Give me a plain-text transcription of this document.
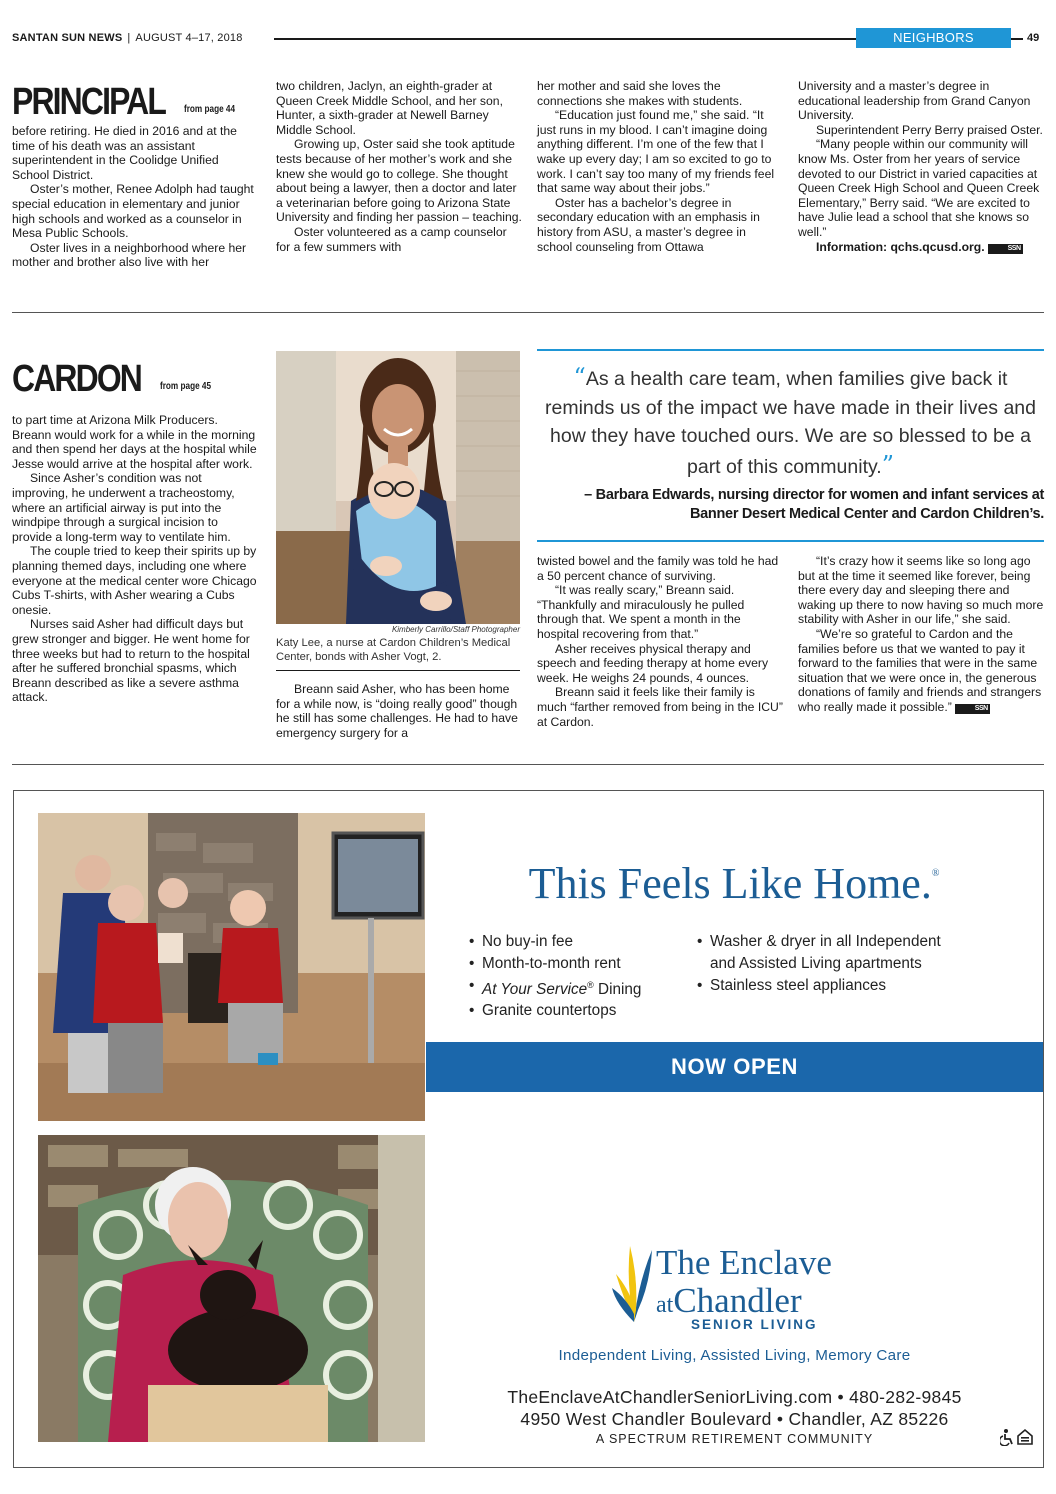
SANTAN SUN NEWS | AUGUST 4–17, 2018	NEIGHBORS	49
PRINCIPAL from page 44

before retiring. He died in 2016 and at the time of his death was an assistant superintendent in the Coolidge Unified School District.

Oster’s mother, Renee Adolph had taught special education in elementary and junior high schools and worked as a counselor in Mesa Public Schools.

Oster lives in a neighborhood where her mother and brother also live with her

two children, Jaclyn, an eighth-grader at Queen Creek Middle School, and her son, Hunter, a sixth-grader at Newell Barney Middle School.

Growing up, Oster said she took aptitude tests because of her mother’s work and she knew she would go to college. She thought about being a lawyer, then a doctor and later a veterinarian before going to Arizona State University and finding her passion – teaching.

Oster volunteered as a camp counselor for a few summers with

her mother and said she loves the connections she makes with students.

“Education just found me,” she said. “It just runs in my blood. I can’t imagine doing anything different. I’m one of the few that I wake up every day; I am so excited to go to work. I can’t say too many of my friends feel that same way about their jobs.”

Oster has a bachelor’s degree in secondary education with an emphasis in history from ASU, a master’s degree in school counseling from Ottawa

University and a master’s degree in educational leadership from Grand Canyon University.

Superintendent Perry Berry praised Oster.

“Many people within our community will know Ms. Oster from her years of service devoted to our District in varied capacities at Queen Creek High School and Queen Creek Elementary,” Berry said. “We are excited to have Julie lead a school that she knows so well.”

Information: qchs.qcusd.org.	SSN

CARDON from page 45

to part time at Arizona Milk Producers. Breann would work for a while in the morning and then spend her days at the hospital while Jesse would arrive at the hospital after work.

Since Asher’s condition was not improving, he underwent a tracheostomy, where an artificial airway is put into the windpipe through a surgical incision to provide a long-term way to ventilate him.

The couple tried to keep their spirits up by planning themed days, including one where everyone at the medical center wore Chicago Cubs T-shirts, with Asher wearing a Cubs onesie.

Nurses said Asher had difficult days but grew stronger and bigger. He went home for three weeks but had to return to the hospital after he suffered bronchial spasms, which Breann described as like a severe asthma attack.

Kimberly Carrillo/Staff Photographer
Katy Lee, a nurse at Cardon Children’s Medical Center, bonds with Asher Vogt, 2.

Breann said Asher, who has been home for a while now, is “doing really good” though he still has some challenges. He had to have emergency surgery for a

“As a health care team, when families give back it reminds us of the impact we have made in their lives and how they have touched ours. We are so blessed to be a part of this community.”
– Barbara Edwards, nursing director for women and infant services at Banner Desert Medical Center and Cardon Children’s.

twisted bowel and the family was told he had a 50 percent chance of surviving.

“It was really scary,” Breann said. “Thankfully and miraculously he pulled through that. We spent a month in the hospital recovering from that.”

Asher receives physical therapy and speech and feeding therapy at home every week. He weighs 24 pounds, 4 ounces.

Breann said it feels like their family is much “farther removed from being in the ICU” at Cardon.

“It’s crazy how it seems like so long ago but at the time it seemed like forever, being there every day and sleeping there and waking up there to now having so much more stability with Asher in our life,” she said.

“We’re so grateful to Cardon and the families before us that we wanted to pay it forward to the families that were in the same situation that we were once in, the generous donations of family and friends and strangers who really made it possible.”	SSN

This Feels Like Home.®
• No buy-in fee
• Month-to-month rent
• At Your Service® Dining
• Granite countertops
• Washer & dryer in all Independent
and Assisted Living apartments
• Stainless steel appliances
NOW OPEN
The Enclave
atChandler
SENIOR LIVING
Independent Living, Assisted Living, Memory Care
TheEnclaveAtChandlerSeniorLiving.com • 480-282-9845
4950 West Chandler Boulevard • Chandler, AZ 85226
A SPECTRUM RETIREMENT COMMUNITY
